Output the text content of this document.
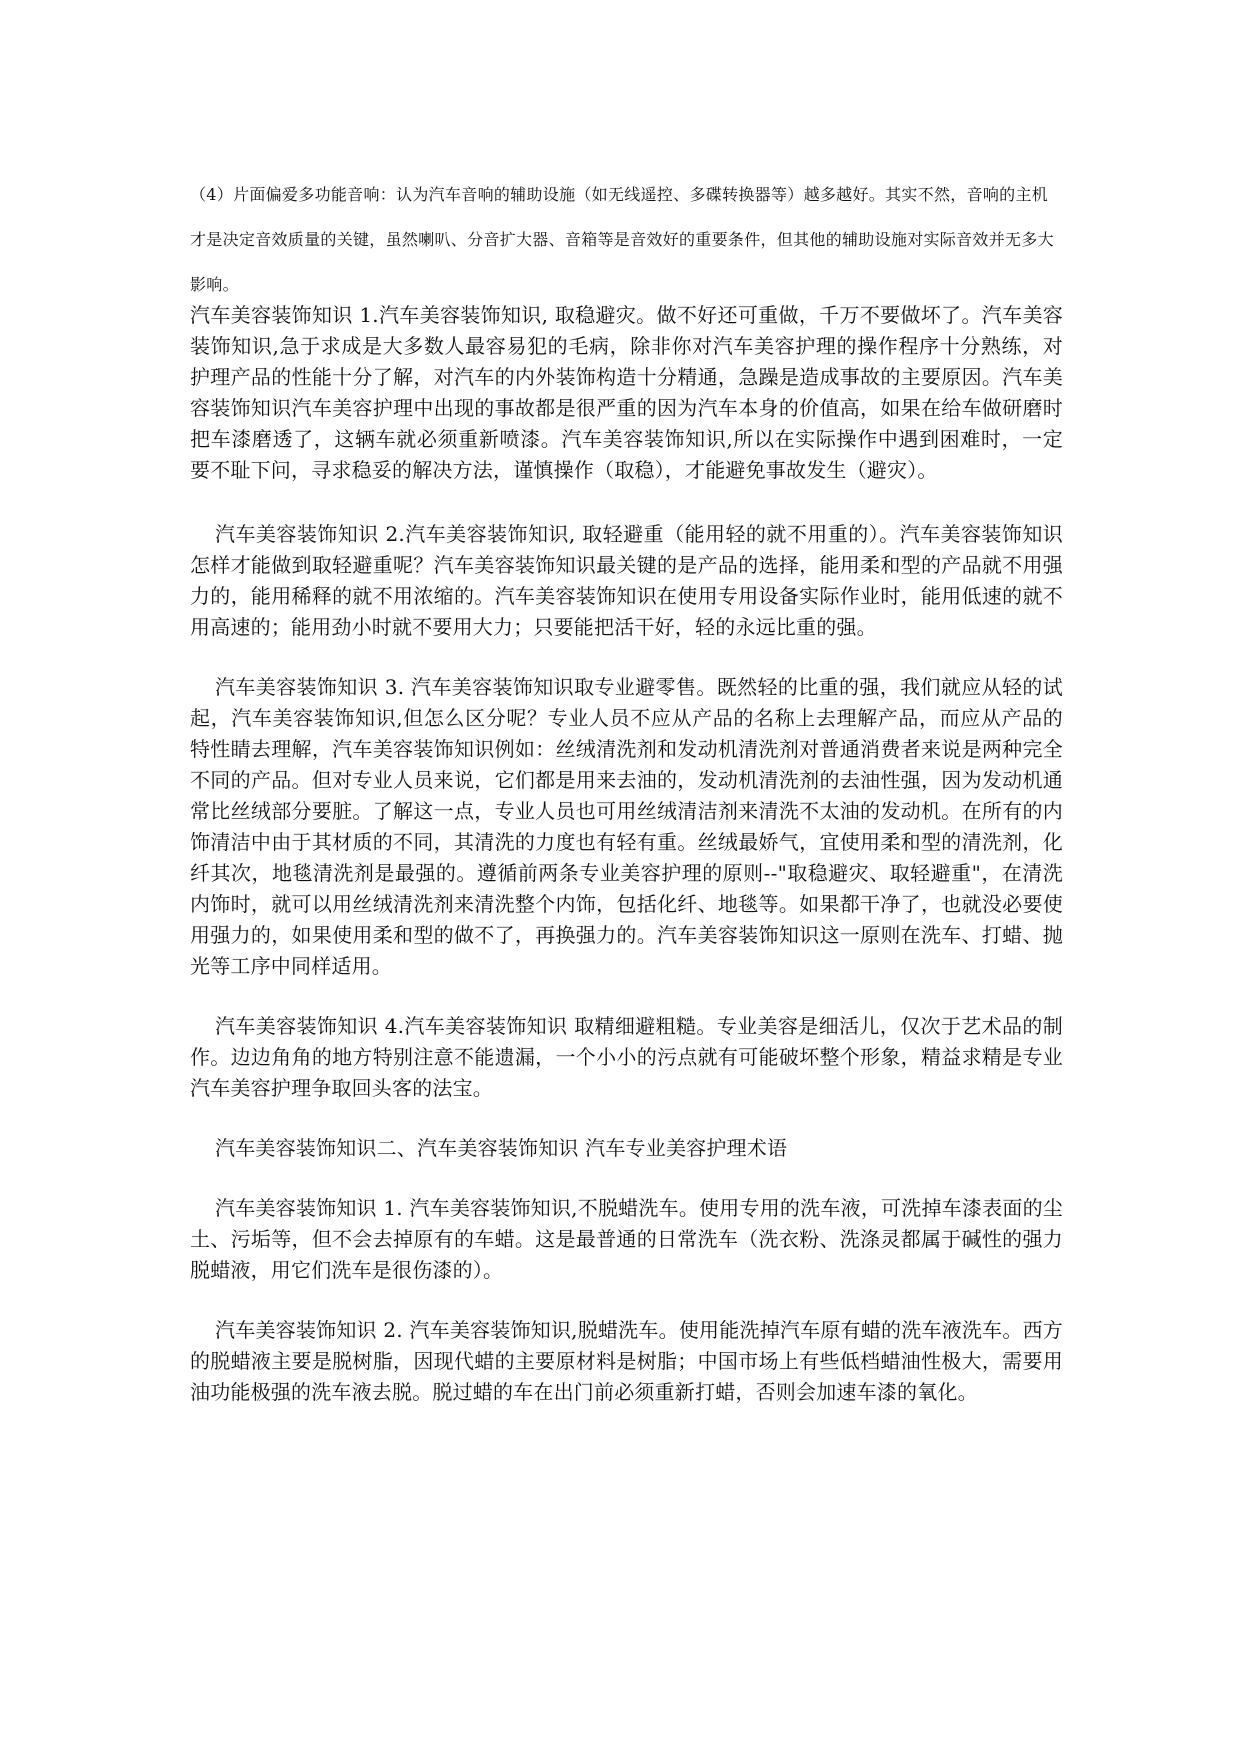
（4）片面偏爱多功能音响：认为汽车音响的辅助设施（如无线遥控、多碟转换器等）越多越好。其实不然，音响的主机才是决定音效质量的关键，虽然喇叭、分音扩大器、音箱等是音效好的重要条件，但其他的辅助设施对实际音效并无多大影响。

汽车美容装饰知识 1.汽车美容装饰知识, 取稳避灾。做不好还可重做，千万不要做坏了。汽车美容装饰知识,急于求成是大多数人最容易犯的毛病，除非你对汽车美容护理的操作程序十分熟练，对护理产品的性能十分了解，对汽车的内外装饰构造十分精通，急躁是造成事故的主要原因。汽车美容装饰知识汽车美容护理中出现的事故都是很严重的因为汽车本身的价值高，如果在给车做研磨时把车漆磨透了，这辆车就必须重新喷漆。汽车美容装饰知识,所以在实际操作中遇到困难时，一定要不耻下问，寻求稳妥的解决方法，谨慎操作（取稳），才能避免事故发生（避灾）。

汽车美容装饰知识 2.汽车美容装饰知识, 取轻避重（能用轻的就不用重的）。汽车美容装饰知识怎样才能做到取轻避重呢？汽车美容装饰知识最关键的是产品的选择，能用柔和型的产品就不用强力的，能用稀释的就不用浓缩的。汽车美容装饰知识在使用专用设备实际作业时，能用低速的就不用高速的；能用劲小时就不要用大力；只要能把活干好，轻的永远比重的强。

汽车美容装饰知识 3. 汽车美容装饰知识取专业避零售。既然轻的比重的强，我们就应从轻的试起，汽车美容装饰知识,但怎么区分呢？专业人员不应从产品的名称上去理解产品，而应从产品的特性睛去理解，汽车美容装饰知识例如：丝绒清洗剂和发动机清洗剂对普通消费者来说是两种完全不同的产品。但对专业人员来说，它们都是用来去油的，发动机清洗剂的去油性强，因为发动机通常比丝绒部分要脏。了解这一点，专业人员也可用丝绒清洁剂来清洗不太油的发动机。在所有的内饰清洁中由于其材质的不同，其清洗的力度也有轻有重。丝绒最娇气，宜使用柔和型的清洗剂，化纤其次，地毯清洗剂是最强的。遵循前两条专业美容护理的原则--"取稳避灾、取轻避重"，在清洗内饰时，就可以用丝绒清洗剂来清洗整个内饰，包括化纤、地毯等。如果都干净了，也就没必要使用强力的，如果使用柔和型的做不了，再换强力的。汽车美容装饰知识这一原则在洗车、打蜡、抛光等工序中同样适用。

汽车美容装饰知识 4.汽车美容装饰知识 取精细避粗糙。专业美容是细活儿，仅次于艺术品的制作。边边角角的地方特别注意不能遗漏，一个小小的污点就有可能破坏整个形象，精益求精是专业汽车美容护理争取回头客的法宝。

汽车美容装饰知识二、汽车美容装饰知识 汽车专业美容护理术语

汽车美容装饰知识 1. 汽车美容装饰知识,不脱蜡洗车。使用专用的洗车液，可洗掉车漆表面的尘土、污垢等，但不会去掉原有的车蜡。这是最普通的日常洗车（洗衣粉、洗涤灵都属于碱性的强力脱蜡液，用它们洗车是很伤漆的）。

汽车美容装饰知识 2. 汽车美容装饰知识,脱蜡洗车。使用能洗掉汽车原有蜡的洗车液洗车。西方的脱蜡液主要是脱树脂，因现代蜡的主要原材料是树脂；中国市场上有些低档蜡油性极大，需要用油功能极强的洗车液去脱。脱过蜡的车在出门前必须重新打蜡，否则会加速车漆的氧化。
